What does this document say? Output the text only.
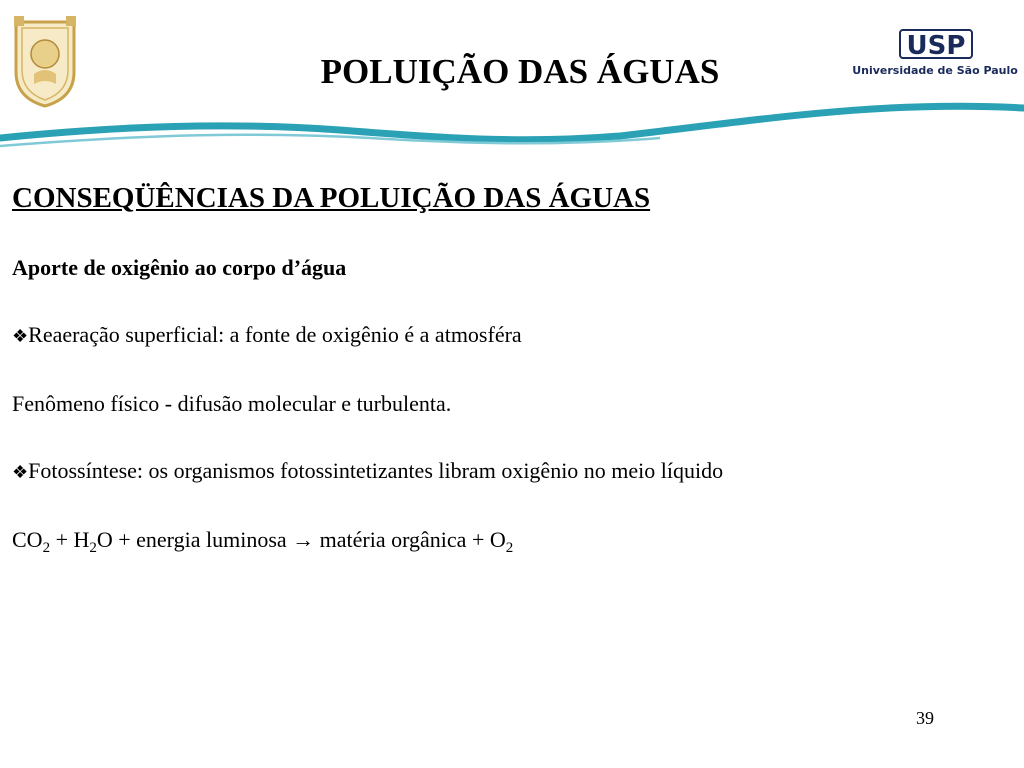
USP
Universidade de São Paulo
POLUIÇÃO DAS ÁGUAS
CONSEQÜÊNCIAS DA POLUIÇÃO DAS ÁGUAS

Aporte de oxigênio ao corpo d’água

❖Reaeração superficial: a fonte de oxigênio é a atmosféra

Fenômeno físico - difusão molecular e turbulenta.

❖Fotossíntese: os organismos fotossintetizantes libram oxigênio no meio líquido

$CO_2 + H_2O$ + energia luminosa → matéria orgânica + $O_2$

39
